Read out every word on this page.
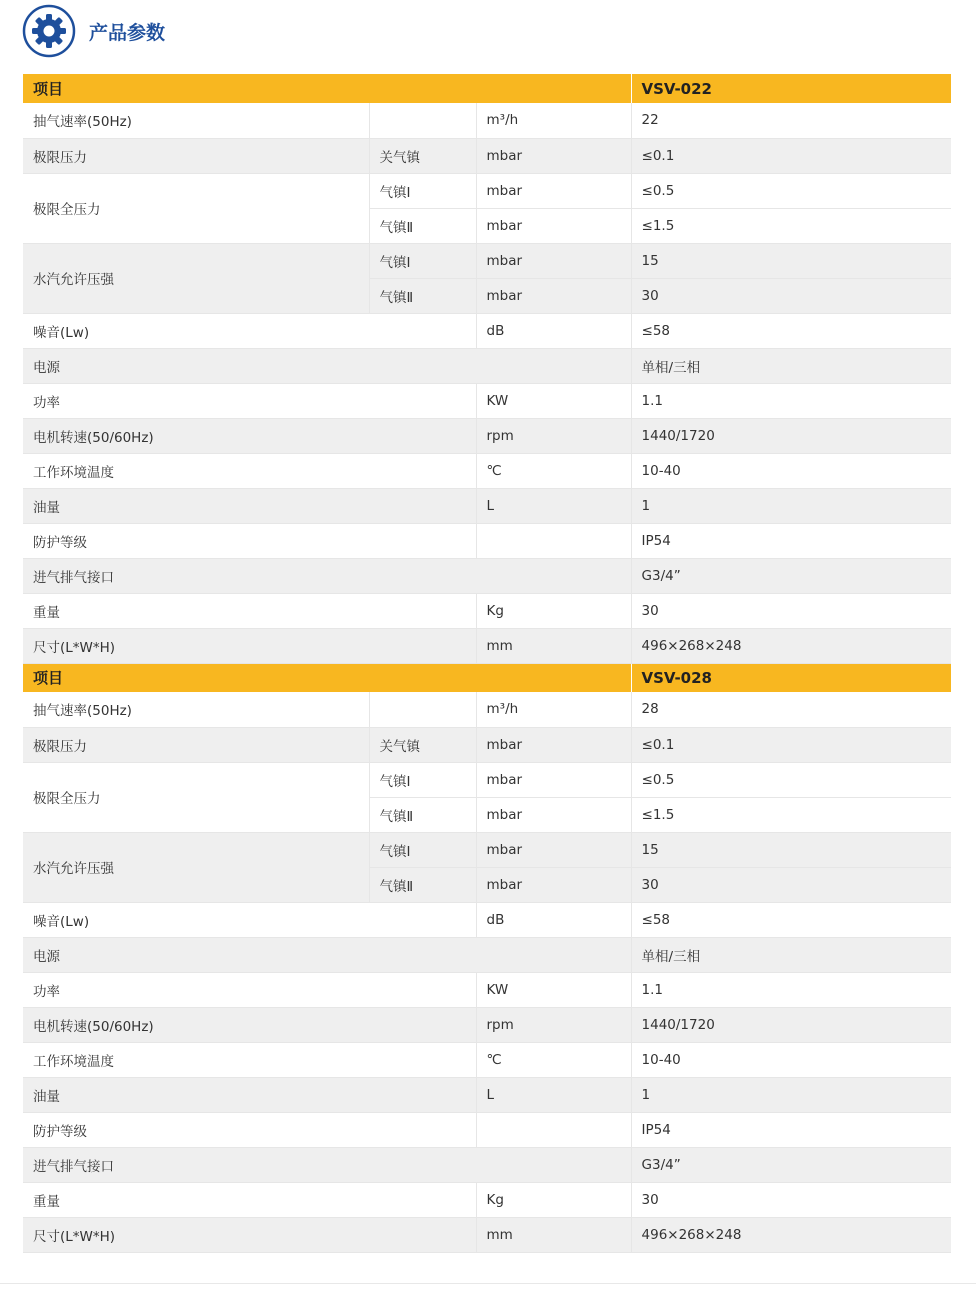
产品参数
项目			VSV-022
抽气速率(50Hz)		m³/h	22
极限压力	关气镇	mbar	≤0.1
极限全压力	气镇Ⅰ	mbar	≤0.5
	气镇Ⅱ	mbar	≤1.5
水汽允许压强	气镇Ⅰ	mbar	15
	气镇Ⅱ	mbar	30
噪音(Lw)		dB	≤58
电源			单相/三相
功率		KW	1.1
电机转速(50/60Hz)		rpm	1440/1720
工作环境温度		℃	10-40
油量		L	1
防护等级			IP54
进气排气接口			G3/4”
重量		Kg	30
尺寸(L*W*H)		mm	496×268×248
项目			VSV-028
抽气速率(50Hz)		m³/h	28
极限压力	关气镇	mbar	≤0.1
极限全压力	气镇Ⅰ	mbar	≤0.5
	气镇Ⅱ	mbar	≤1.5
水汽允许压强	气镇Ⅰ	mbar	15
	气镇Ⅱ	mbar	30
噪音(Lw)		dB	≤58
电源			单相/三相
功率		KW	1.1
电机转速(50/60Hz)		rpm	1440/1720
工作环境温度		℃	10-40
油量		L	1
防护等级			IP54
进气排气接口			G3/4”
重量		Kg	30
尺寸(L*W*H)		mm	496×268×248
